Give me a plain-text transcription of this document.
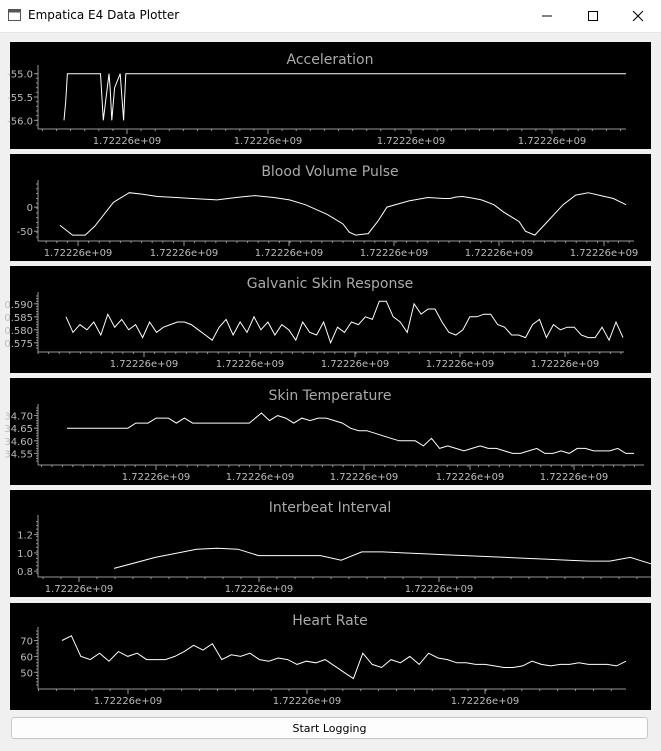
Empatica E4 Data Plotter
Acceleration
-55.0
-55.5
-56.0
1.72226e+09	1.72226e+09	1.72226e+09	1.72226e+09
Blood Volume Pulse
0
-50
1.72226e+09	1.72226e+09	1.72226e+09	1.72226e+09	1.72226e+09	1.72226e+09
Galvanic Skin Response
0.590
0.585
0.580
0.575
1.72226e+09	1.72226e+09	1.72226e+09	1.72226e+09	1.72226e+09
Skin Temperature
34.70
34.65
34.60
34.55
1.72226e+09	1.72226e+09	1.72226e+09	1.72226e+09	1.72226e+09
Interbeat Interval
1.2
1.0
0.8
1.72226e+09	1.72226e+09	1.72226e+09
Heart Rate
70
60
50
1.72226e+09	1.72226e+09	1.72226e+09
Start Logging
